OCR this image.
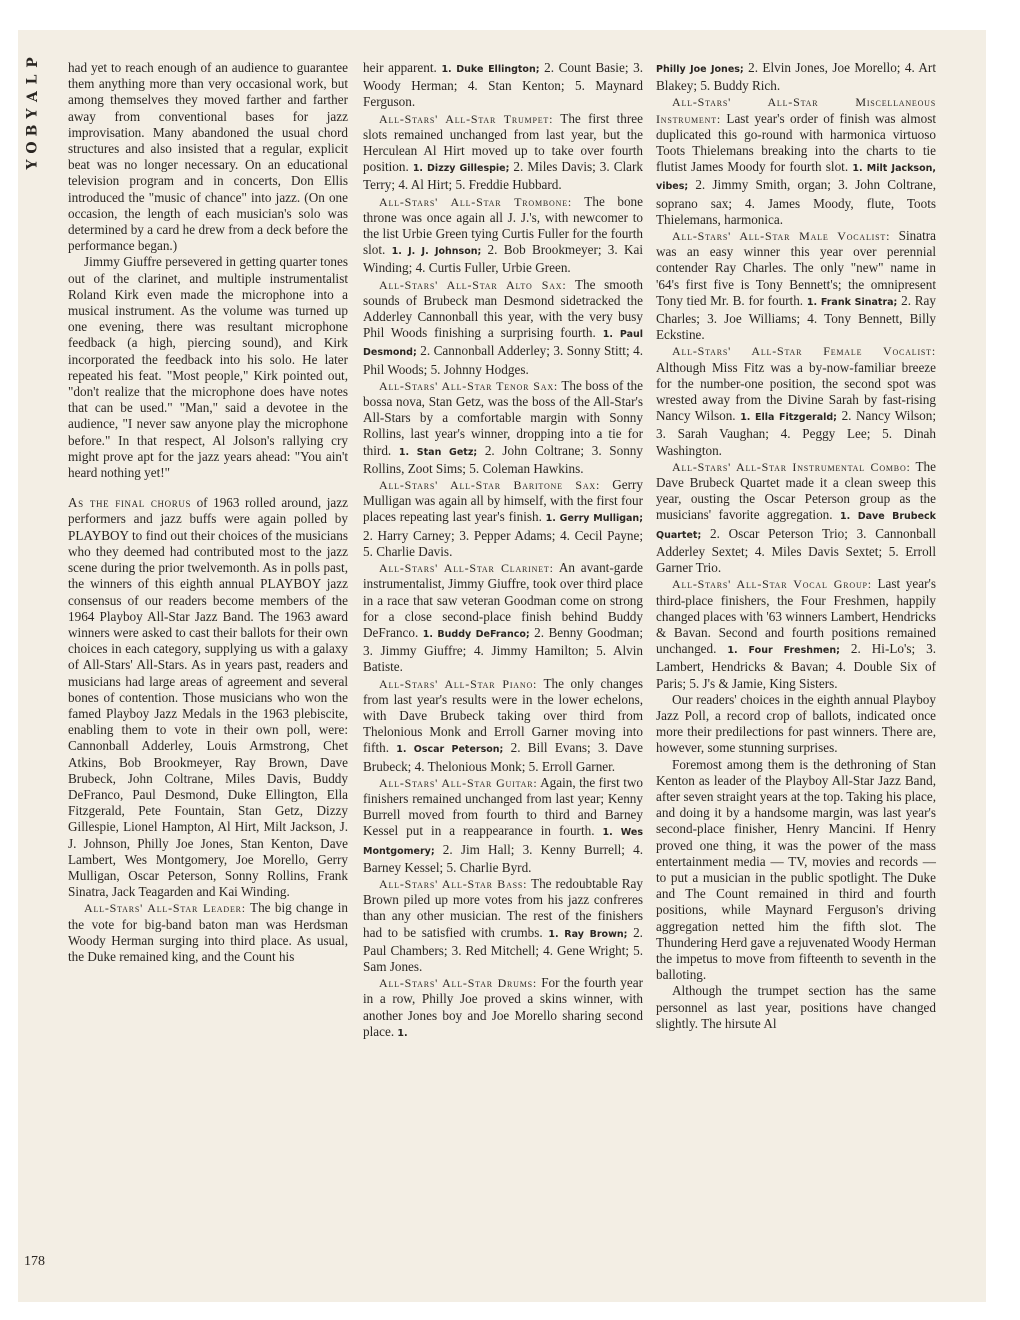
P
L
A
Y
B
O
Y

had yet to reach enough of an audience to guarantee them anything more than very occasional work, but among themselves they moved farther and farther away from conventional bases for jazz improvisation. Many abandoned the usual chord structures and also insisted that a regular, explicit beat was no longer necessary. On an educational television program and in concerts, Don Ellis introduced the "music of chance" into jazz. (On one occasion, the length of each musician's solo was determined by a card he drew from a deck before the performance began.)

Jimmy Giuffre persevered in getting quarter tones out of the clarinet, and multiple instrumentalist Roland Kirk even made the microphone into a musical instrument. As the volume was turned up one evening, there was resultant microphone feedback (a high, piercing sound), and Kirk incorporated the feedback into his solo. He later repeated his feat. "Most people," Kirk pointed out, "don't realize that the microphone does have notes that can be used." "Man," said a devotee in the audience, "I never saw anyone play the microphone before." In that respect, Al Jolson's rallying cry might prove apt for the jazz years ahead: "You ain't heard nothing yet!"

As the final chorus of 1963 rolled around, jazz performers and jazz buffs were again polled by PLAYBOY to find out their choices of the musicians who they deemed had contributed most to the jazz scene during the prior twelvemonth. As in polls past, the winners of this eighth annual PLAYBOY jazz consensus of our readers become members of the 1964 Playboy All-Star Jazz Band. The 1963 award winners were asked to cast their ballots for their own choices in each category, supplying us with a galaxy of All-Stars' All-Stars. As in years past, readers and musicians had large areas of agreement and several bones of contention. Those musicians who won the famed Playboy Jazz Medals in the 1963 plebiscite, enabling them to vote in their own poll, were: Cannonball Adderley, Louis Armstrong, Chet Atkins, Bob Brookmeyer, Ray Brown, Dave Brubeck, John Coltrane, Miles Davis, Buddy DeFranco, Paul Desmond, Duke Ellington, Ella Fitzgerald, Pete Fountain, Stan Getz, Dizzy Gillespie, Lionel Hampton, Al Hirt, Milt Jackson, J. J. Johnson, Philly Joe Jones, Stan Kenton, Dave Lambert, Wes Montgomery, Joe Morello, Gerry Mulligan, Oscar Peterson, Sonny Rollins, Frank Sinatra, Jack Teagarden and Kai Winding.

All-Stars' All-Star Leader: The big change in the vote for big-band baton man was Herdsman Woody Herman surging into third place. As usual, the Duke remained king, and the Count his

heir apparent. 1. Duke Ellington; 2. Count Basie; 3. Woody Herman; 4. Stan Kenton; 5. Maynard Ferguson.

All-Stars' All-Star Trumpet: The first three slots remained unchanged from last year, but the Herculean Al Hirt moved up to take over fourth position. 1. Dizzy Gillespie; 2. Miles Davis; 3. Clark Terry; 4. Al Hirt; 5. Freddie Hubbard.

All-Stars' All-Star Trombone: The bone throne was once again all J. J.'s, with newcomer to the list Urbie Green tying Curtis Fuller for the fourth slot. 1. J. J. Johnson; 2. Bob Brookmeyer; 3. Kai Winding; 4. Curtis Fuller, Urbie Green.

All-Stars' All-Star Alto Sax: The smooth sounds of Brubeck man Desmond sidetracked the Adderley Cannonball this year, with the very busy Phil Woods finishing a surprising fourth. 1. Paul Desmond; 2. Cannonball Adderley; 3. Sonny Stitt; 4. Phil Woods; 5. Johnny Hodges.

All-Stars' All-Star Tenor Sax: The boss of the bossa nova, Stan Getz, was the boss of the All-Star's All-Stars by a comfortable margin with Sonny Rollins, last year's winner, dropping into a tie for third. 1. Stan Getz; 2. John Coltrane; 3. Sonny Rollins, Zoot Sims; 5. Coleman Hawkins.

All-Stars' All-Star Baritone Sax: Gerry Mulligan was again all by himself, with the first four places repeating last year's finish. 1. Gerry Mulligan; 2. Harry Carney; 3. Pepper Adams; 4. Cecil Payne; 5. Charlie Davis.

All-Stars' All-Star Clarinet: An avant-garde instrumentalist, Jimmy Giuffre, took over third place in a race that saw veteran Goodman come on strong for a close second-place finish behind Buddy DeFranco. 1. Buddy DeFranco; 2. Benny Goodman; 3. Jimmy Giuffre; 4. Jimmy Hamilton; 5. Alvin Batiste.

All-Stars' All-Star Piano: The only changes from last year's results were in the lower echelons, with Dave Brubeck taking over third from Thelonious Monk and Erroll Garner moving into fifth. 1. Oscar Peterson; 2. Bill Evans; 3. Dave Brubeck; 4. Thelonious Monk; 5. Erroll Garner.

All-Stars' All-Star Guitar: Again, the first two finishers remained unchanged from last year; Kenny Burrell moved from fourth to third and Barney Kessel put in a reappearance in fourth. 1. Wes Montgomery; 2. Jim Hall; 3. Kenny Burrell; 4. Barney Kessel; 5. Charlie Byrd.

All-Stars' All-Star Bass: The redoubtable Ray Brown piled up more votes from his jazz confreres than any other musician. The rest of the finishers had to be satisfied with crumbs. 1. Ray Brown; 2. Paul Chambers; 3. Red Mitchell; 4. Gene Wright; 5. Sam Jones.

All-Stars' All-Star Drums: For the fourth year in a row, Philly Joe proved a skins winner, with another Jones boy and Joe Morello sharing second place. 1.

Philly Joe Jones; 2. Elvin Jones, Joe Morello; 4. Art Blakey; 5. Buddy Rich.

All-Stars' All-Star Miscellaneous Instrument: Last year's order of finish was almost duplicated this go-round with harmonica virtuoso Toots Thielemans breaking into the charts to tie flutist James Moody for fourth slot. 1. Milt Jackson, vibes; 2. Jimmy Smith, organ; 3. John Coltrane, soprano sax; 4. James Moody, flute, Toots Thielemans, harmonica.

All-Stars' All-Star Male Vocalist: Sinatra was an easy winner this year over perennial contender Ray Charles. The only "new" name in '64's first five is Tony Bennett's; the omnipresent Tony tied Mr. B. for fourth. 1. Frank Sinatra; 2. Ray Charles; 3. Joe Williams; 4. Tony Bennett, Billy Eckstine.

All-Stars' All-Star Female Vocalist: Although Miss Fitz was a by-now-familiar breeze for the number-one position, the second spot was wrested away from the Divine Sarah by fast-rising Nancy Wilson. 1. Ella Fitzgerald; 2. Nancy Wilson; 3. Sarah Vaughan; 4. Peggy Lee; 5. Dinah Washington.

All-Stars' All-Star Instrumental Combo: The Dave Brubeck Quartet made it a clean sweep this year, ousting the Oscar Peterson group as the musicians' favorite aggregation. 1. Dave Brubeck Quartet; 2. Oscar Peterson Trio; 3. Cannonball Adderley Sextet; 4. Miles Davis Sextet; 5. Erroll Garner Trio.

All-Stars' All-Star Vocal Group: Last year's third-place finishers, the Four Freshmen, happily changed places with '63 winners Lambert, Hendricks & Bavan. Second and fourth positions remained unchanged. 1. Four Freshmen; 2. Hi-Lo's; 3. Lambert, Hendricks & Bavan; 4. Double Six of Paris; 5. J's & Jamie, King Sisters.

Our readers' choices in the eighth annual Playboy Jazz Poll, a record crop of ballots, indicated once more their predilections for past winners. There are, however, some stunning surprises.

Foremost among them is the dethroning of Stan Kenton as leader of the Playboy All-Star Jazz Band, after seven straight years at the top. Taking his place, and doing it by a handsome margin, was last year's second-place finisher, Henry Mancini. If Henry proved one thing, it was the power of the mass entertainment media — TV, movies and records — to put a musician in the public spotlight. The Duke and The Count remained in third and fourth positions, while Maynard Ferguson's driving aggregation netted him the fifth slot. The Thundering Herd gave a rejuvenated Woody Herman the impetus to move from fifteenth to seventh in the balloting.

Although the trumpet section has the same personnel as last year, positions have changed slightly. The hirsute Al

178
